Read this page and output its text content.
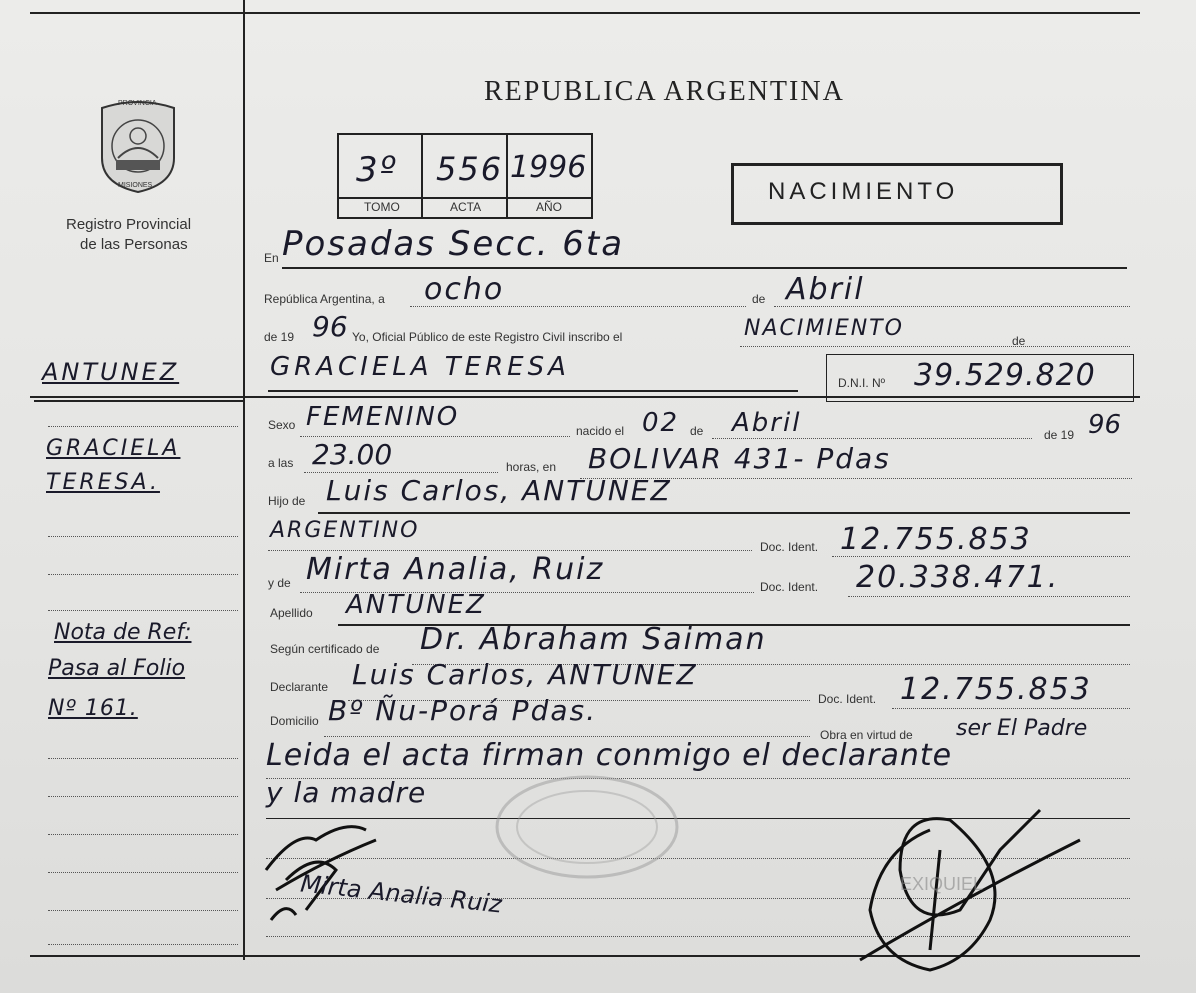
PROVINCIA
MISIONES
Registro Provincial
de las Personas
REPUBLICA ARGENTINA
3º 556 1996
TOMO	ACTA	AÑO
NACIMIENTO
En Posadas Secc. 6ta
República Argentina, a ocho	de Abril
de 19 96 Yo, Oficial Público de este Registro Civil inscribo el	NACIMIENTO	de
GRACIELA TERESA
D.N.I. Nº 39.529.820
Sexo FEMENINO	nacido el 02 de Abril	de 19 96
a las 23.00	horas, en BOLIVAR 431- Pdas
Hijo de Luis Carlos, ANTUNEZ
ARGENTINO
Doc. Ident. 12.755.853
y de Mirta Analia, Ruiz	Doc. Ident. 20.338.471.
Apellido ANTUNEZ
Según certificado de Dr. Abraham Saiman
Declarante Luis Carlos, ANTUNEZ
Doc. Ident. 12.755.853
Domicilio Bº Ñu-Porá Pdas.
Obra en virtud de ser El Padre
Leida el acta firman conmigo el declarante
y la madre
Mirta Analia Ruiz	EXIQUIEL
ANTUNEZ
GRACIELA
TERESA.
Nota de Ref:
Pasa al Folio
Nº 161.
